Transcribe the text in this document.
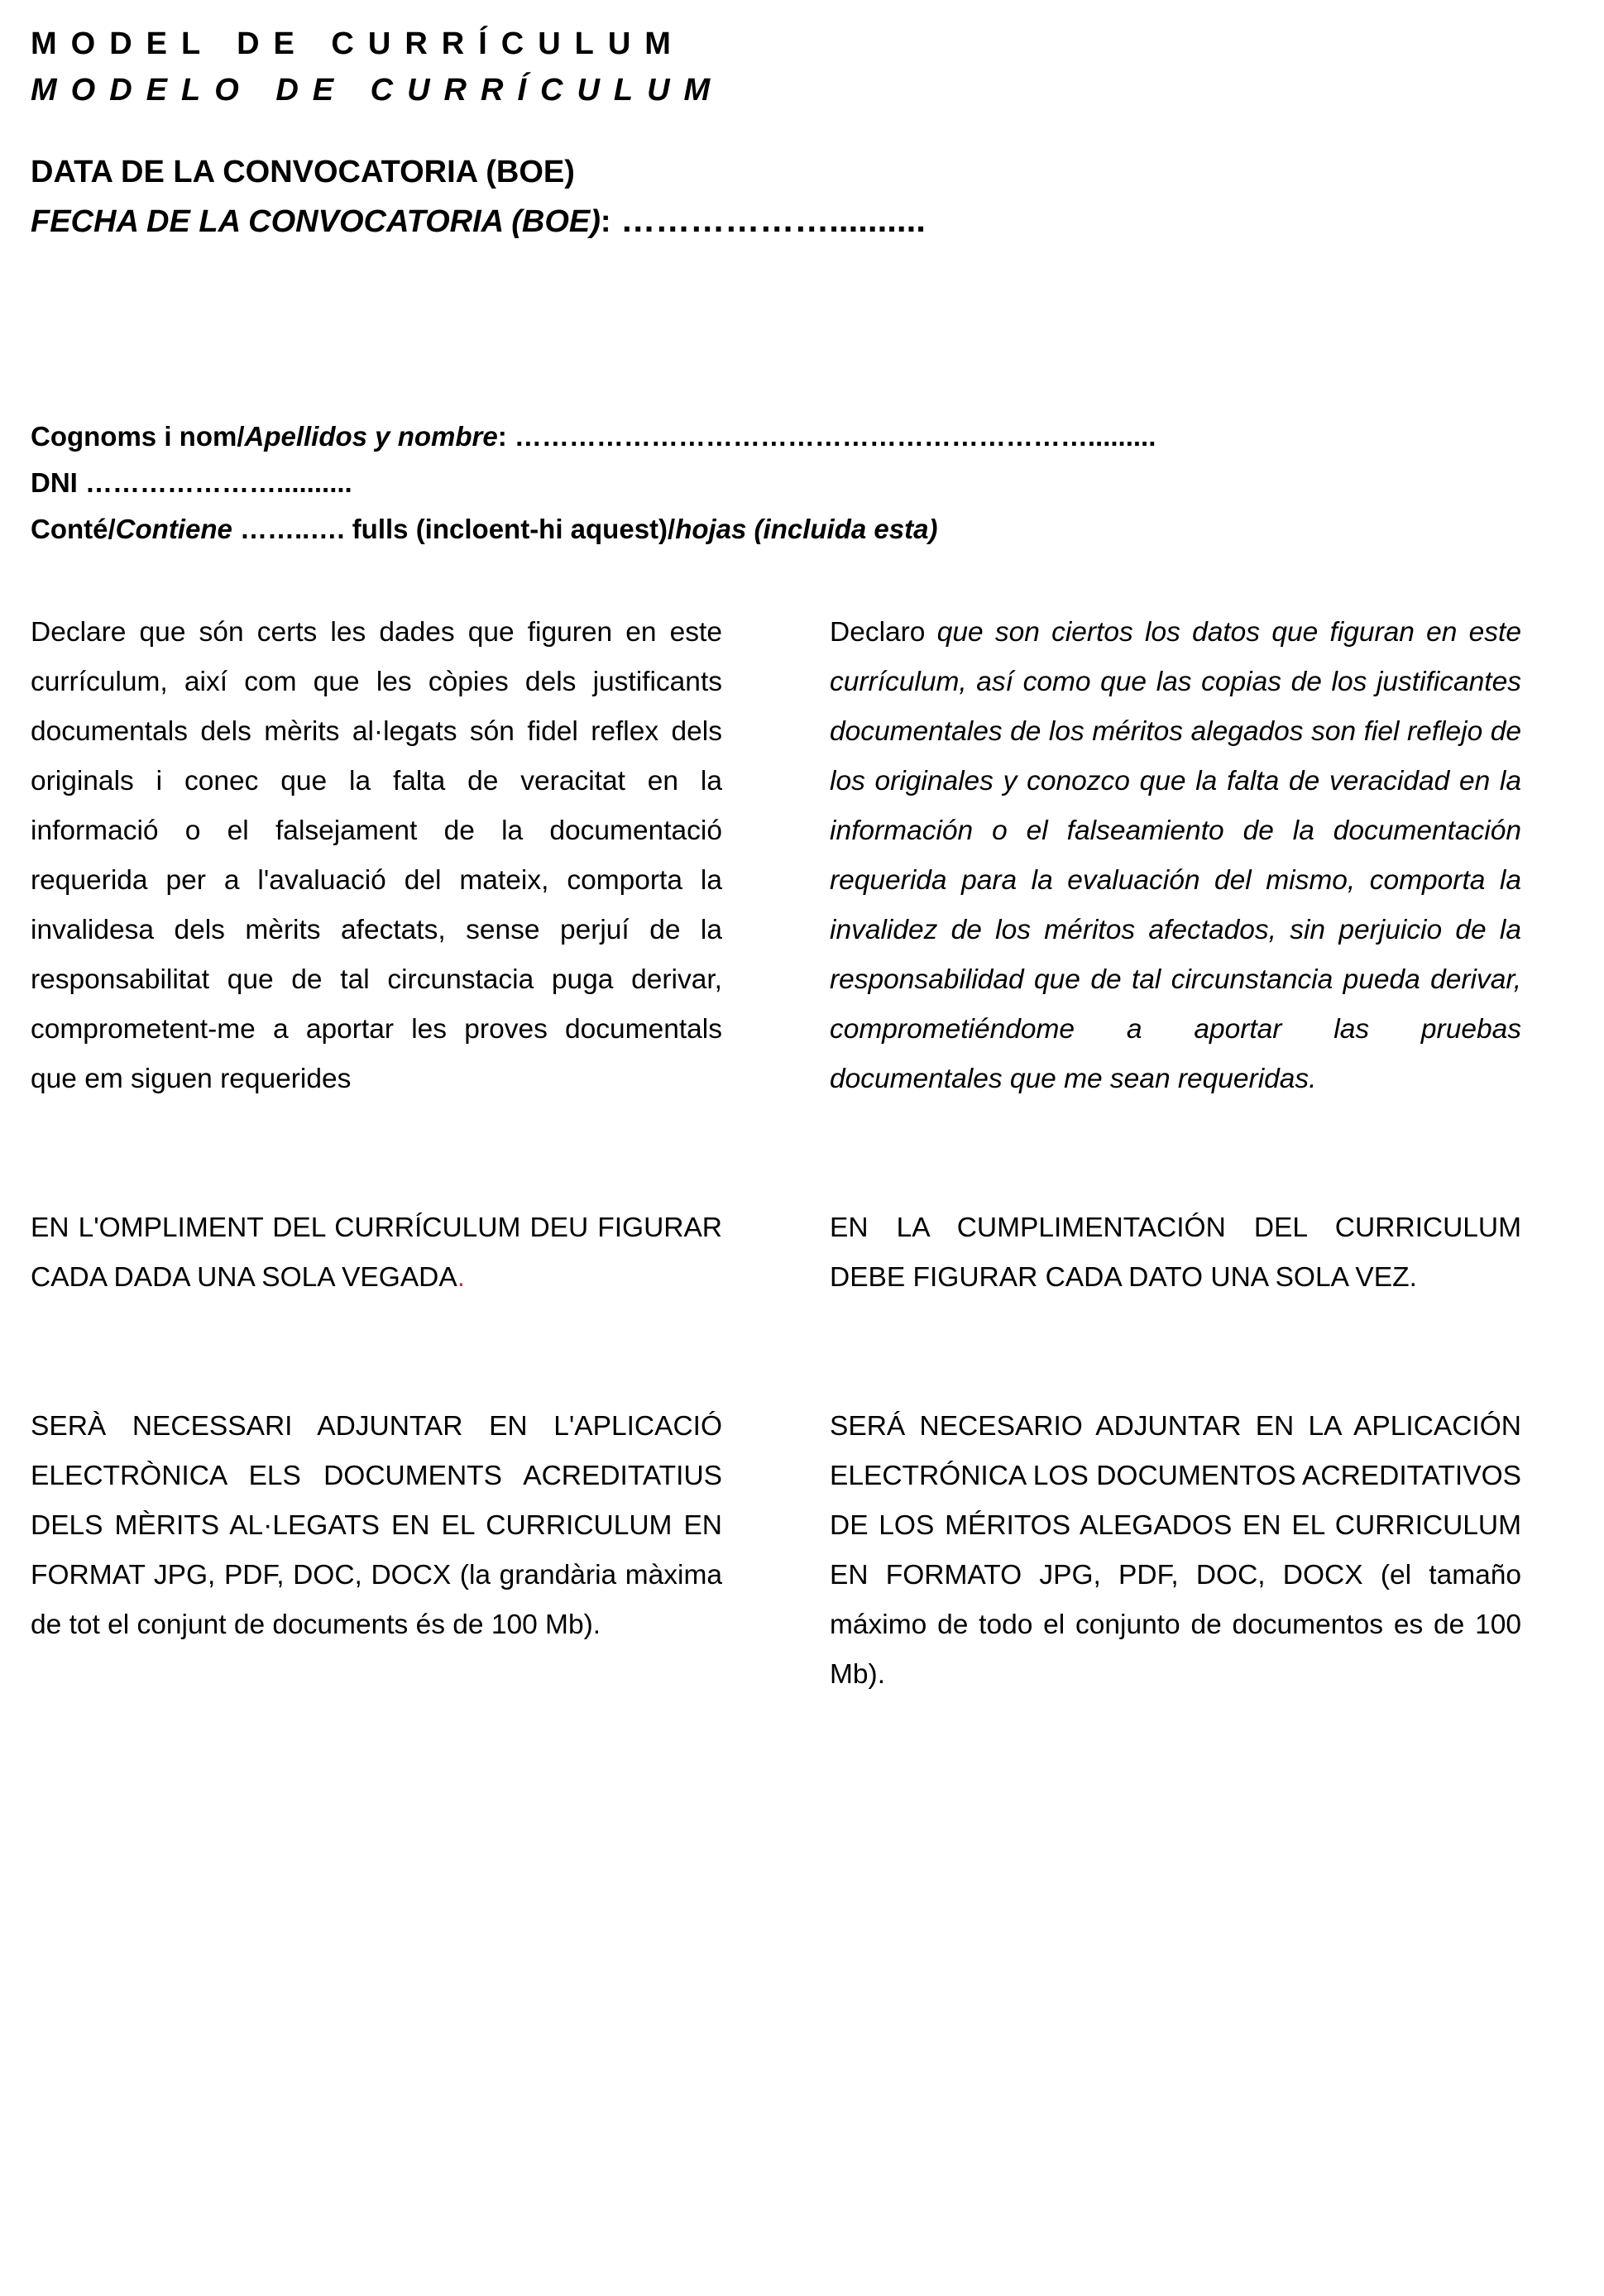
MODEL DE CURRÍCULUM
MODELO DE CURRÍCULUM
DATA DE LA CONVOCATORIA (BOE)
FECHA DE LA CONVOCATORIA (BOE): ………………..........
Cognoms i nom/Apellidos y nombre: ……………………………………………………….........
DNI …………………..........
Conté/Contiene ……..…. fulls (incloent-hi aquest)/hojas (incluida esta)
Declare que són certs les dades que figuren en este currículum, així com que les còpies dels justificants documentals dels mèrits al·legats són fidel reflex dels originals i conec que la falta de veracitat en la informació o el falsejament de la documentació requerida per a l'avaluació del mateix, comporta la invalidesa dels mèrits afectats, sense perjuí de la responsabilitat que de tal circunstacia puga derivar, comprometent-me a aportar les proves documentals que em siguen requerides
Declaro que son ciertos los datos que figuran en este currículum, así como que las copias de los justificantes documentales de los méritos alegados son fiel reflejo de los originales y conozco que la falta de veracidad en la información o el falseamiento de la documentación requerida para la evaluación del mismo, comporta la invalidez de los méritos afectados, sin perjuicio de la responsabilidad que de tal circunstancia pueda derivar, comprometiéndome a aportar las pruebas documentales que me sean requeridas.
EN L'OMPLIMENT DEL CURRÍCULUM DEU FIGURAR CADA DADA UNA SOLA VEGADA.
EN LA CUMPLIMENTACIÓN DEL CURRICULUM DEBE FIGURAR CADA DATO UNA SOLA VEZ.
SERÀ NECESSARI ADJUNTAR EN L'APLICACIÓ ELECTRÒNICA ELS DOCUMENTS ACREDITATIUS DELS MÈRITS AL·LEGATS EN EL CURRICULUM EN FORMAT JPG, PDF, DOC, DOCX (la grandària màxima de tot el conjunt de documents és de 100 Mb).
SERÁ NECESARIO ADJUNTAR EN LA APLICACIÓN ELECTRÓNICA LOS DOCUMENTOS ACREDITATIVOS DE LOS MÉRITOS ALEGADOS EN EL CURRICULUM EN FORMATO JPG, PDF, DOC, DOCX (el tamaño máximo de todo el conjunto de documentos es de 100 Mb).
